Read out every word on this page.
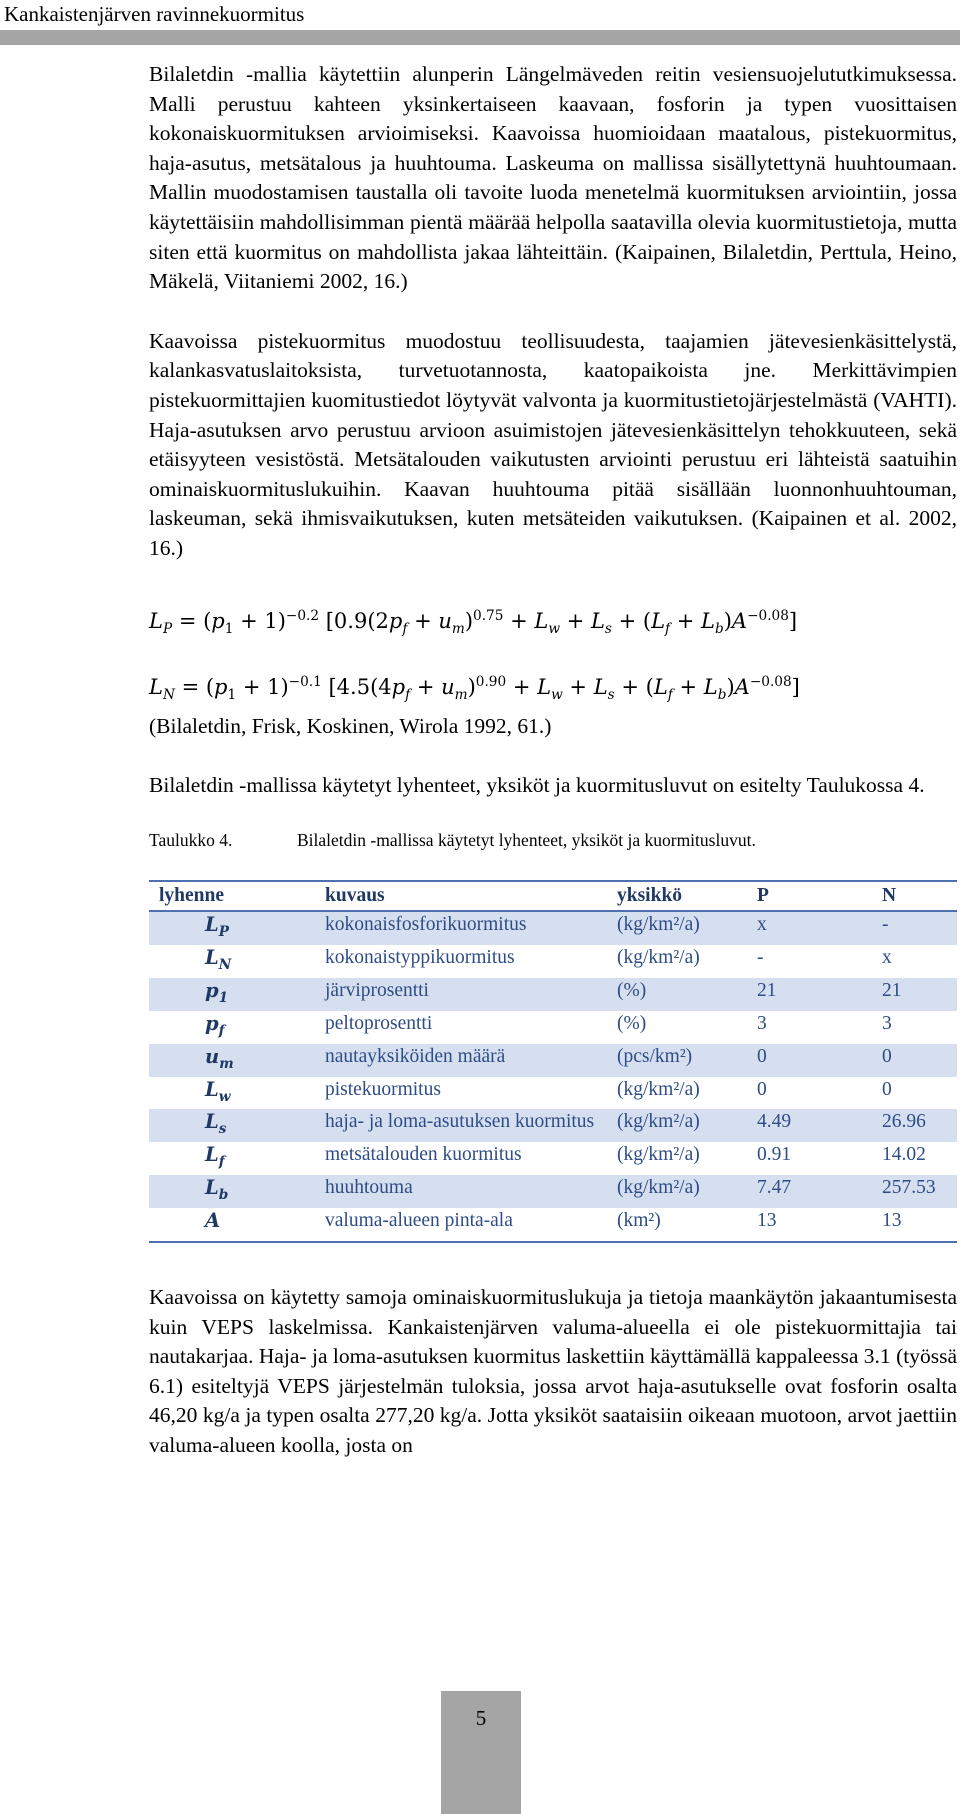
Kankaistenjärven ravinnekuormitus

Bilaletdin -mallia käytettiin alunperin Längelmäveden reitin vesiensuojelututkimuksessa. Malli perustuu kahteen yksinkertaiseen kaavaan, fosforin ja typen vuosittaisen kokonaiskuormituksen arvioimiseksi. Kaavoissa huomioidaan maatalous, pistekuormitus, haja-asutus, metsätalous ja huuhtouma. Laskeuma on mallissa sisällytettynä huuhtoumaan. Mallin muodostamisen taustalla oli tavoite luoda menetelmä kuormituksen arviointiin, jossa käytettäisiin mahdollisimman pientä määrää helpolla saatavilla olevia kuormitustietoja, mutta siten että kuormitus on mahdollista jakaa lähteittäin. (Kaipainen, Bilaletdin, Perttula, Heino, Mäkelä, Viitaniemi 2002, 16.)

Kaavoissa pistekuormitus muodostuu teollisuudesta, taajamien jätevesienkäsittelystä, kalankasvatuslaitoksista, turvetuotannosta, kaatopaikoista jne. Merkittävimpien pistekuormittajien kuomitustiedot löytyvät valvonta ja kuormitustietojärjestelmästä (VAHTI). Haja-asutuksen arvo perustuu arvioon asuimistojen jätevesienkäsittelyn tehokkuuteen, sekä etäisyyteen vesistöstä. Metsätalouden vaikutusten arviointi perustuu eri lähteistä saatuihin ominaiskuormituslukuihin. Kaavan huuhtouma pitää sisällään luonnonhuuhtouman, laskeuman, sekä ihmisvaikutuksen, kuten metsäteiden vaikutuksen. (Kaipainen et al. 2002, 16.)

$L_P = (p_1 + 1)^{-0.2}$ $[0.9(2p_f + u_m)^{0.75} + L_w + L_s + (L_f + L_b)A^{-0.08}]$
$L_N = (p_1 + 1)^{-0.1}$ $[4.5(4p_f + u_m)^{0.90} + L_w + L_s + (L_f + L_b)A^{-0.08}]$
(Bilaletdin, Frisk, Koskinen, Wirola 1992, 61.)

Bilaletdin -mallissa käytetyt lyhenteet, yksiköt ja kuormitusluvut on esitelty Taulukossa 4.

Taulukko 4.	Bilaletdin -mallissa käytetyt lyhenteet, yksiköt ja kuormitusluvut.
lyhenne	kuvaus	yksikkö	P	N
$L_P$	kokonaisfosforikuormitus	(kg/km²/a)	x	-
$L_N$	kokonaistyppikuormitus	(kg/km²/a)	-	x
$p_1$	järviprosentti	(%)	21	21
$p_f$	peltoprosentti	(%)	3	3
$u_m$	nautayksiköiden määrä	(pcs/km²)	0	0
$L_w$	pistekuormitus	(kg/km²/a)	0	0
$L_s$	haja- ja loma-asutuksen kuormitus	(kg/km²/a)	4.49	26.96
$L_f$	metsätalouden kuormitus	(kg/km²/a)	0.91	14.02
$L_b$	huuhtouma	(kg/km²/a)	7.47	257.53
A	valuma-alueen pinta-ala	(km²)	13	13

Kaavoissa on käytetty samoja ominaiskuormituslukuja ja tietoja maankäytön jakaantumisesta kuin VEPS laskelmissa. Kankaistenjärven valuma-alueella ei ole pistekuormittajia tai nautakarjaa. Haja- ja loma-asutuksen kuormitus laskettiin käyttämällä kappaleessa 3.1 (työssä 6.1) esiteltyjä VEPS järjestelmän tuloksia, jossa arvot haja-asutukselle ovat fosforin osalta 46,20 kg/a ja typen osalta 277,20 kg/a. Jotta yksiköt saataisiin oikeaan muotoon, arvot jaettiin valuma-alueen koolla, josta on

5
